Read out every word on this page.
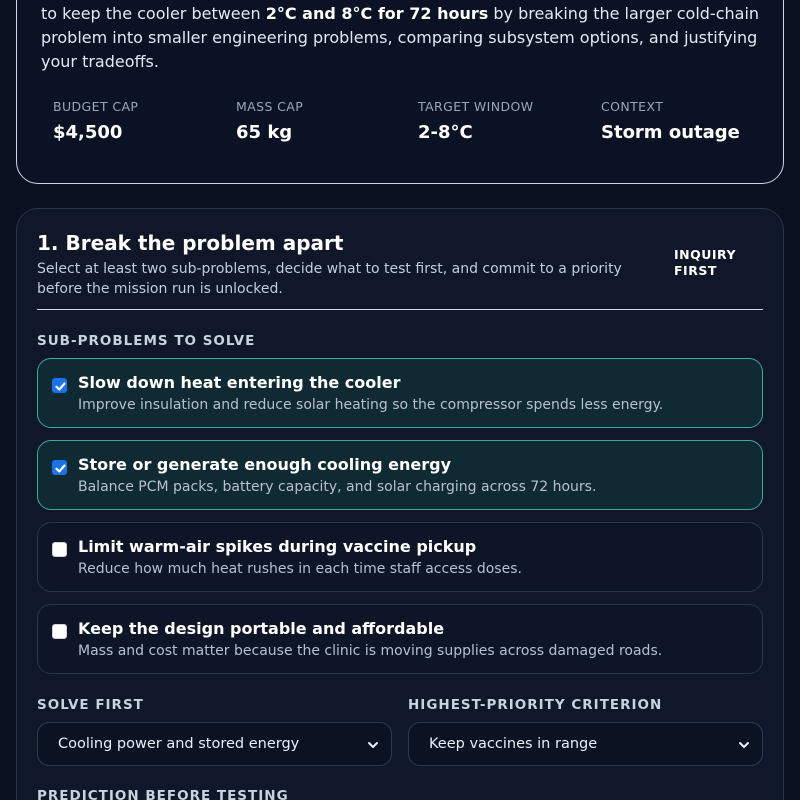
to keep the cooler between 2°C and 8°C for 72 hours by breaking the larger cold-chain problem into smaller engineering problems, comparing subsystem options, and justifying your tradeoffs.

BUDGET CAP
$4,500
MASS CAP
65 kg
TARGET WINDOW
2-8°C
CONTEXT
Storm outage
1. Break the problem apart

Select at least two sub-problems, decide what to test first, and commit to a priority before the mission run is unlocked.

INQUIRY FIRST
SUB-PROBLEMS TO SOLVE
Slow down heat entering the cooler
Improve insulation and reduce solar heating so the compressor spends less energy.
Store or generate enough cooling energy
Balance PCM packs, battery capacity, and solar charging across 72 hours.
Limit warm-air spikes during vaccine pickup
Reduce how much heat rushes in each time staff access doses.
Keep the design portable and affordable
Mass and cost matter because the clinic is moving supplies across damaged roads.
SOLVE FIRST	HIGHEST-PRIORITY CRITERION
Cooling power and stored energy	Keep vaccines in range
PREDICTION BEFORE TESTING
